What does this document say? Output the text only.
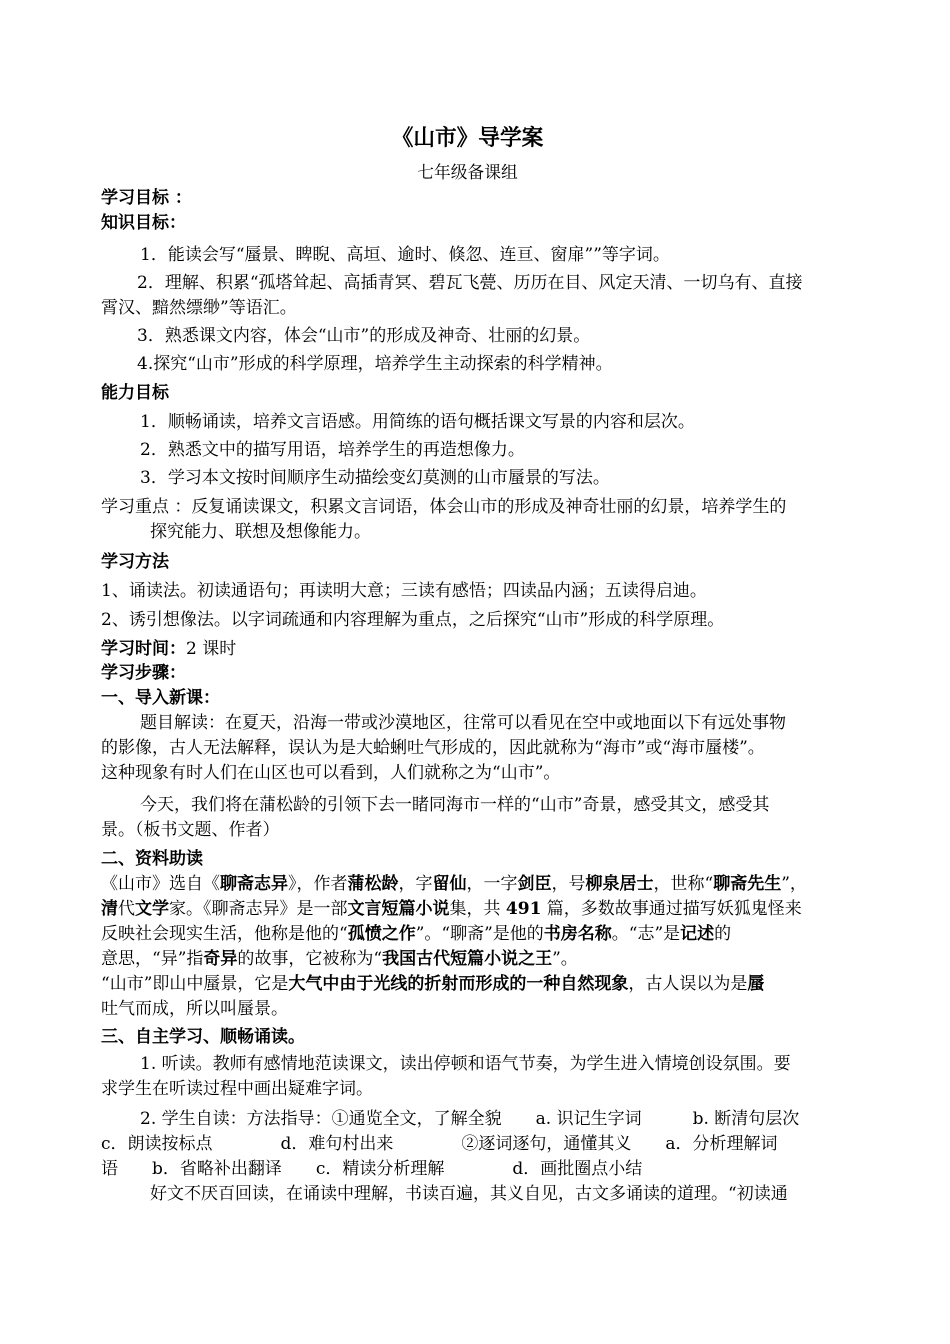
《山市》导学案
七年级备课组
学习目标 ：
知识目标：
1．能读会写“蜃景、睥睨、高垣、逾时、倏忽、连亘、窗扉””等字词。
2．理解、积累“孤塔耸起、高插青冥、碧瓦飞甍、历历在目、风定天清、一切乌有、直接
霄汉、黯然缥缈”等语汇。
3．熟悉课文内容，体会“山市”的形成及神奇、壮丽的幻景。
4.探究“山市”形成的科学原理，培养学生主动探索的科学精神。
能力目标
1．顺畅诵读，培养文言语感。用简练的语句概括课文写景的内容和层次。
2．熟悉文中的描写用语，培养学生的再造想像力。
3．学习本文按时间顺序生动描绘变幻莫测的山市蜃景的写法。
学习重点 ：反复诵读课文，积累文言词语，体会山市的形成及神奇壮丽的幻景，培养学生的
探究能力、联想及想像能力。
学习方法
1、诵读法。初读通语句；再读明大意；三读有感悟；四读品内涵；五读得启迪。
2、诱引想像法。以字词疏通和内容理解为重点，之后探究“山市”形成的科学原理。
学习时间：2 课时
学习步骤：
一、导入新课：
题目解读：在夏天，沿海一带或沙漠地区，往常可以看见在空中或地面以下有远处事物
的影像，古人无法解释，误认为是大蛤蜊吐气形成的，因此就称为“海市”或“海市蜃楼”。
这种现象有时人们在山区也可以看到，人们就称之为“山市”。
今天，我们将在蒲松龄的引领下去一睹同海市一样的“山市”奇景，感受其文，感受其
景。（板书文题、作者）
二、资料助读
《山市》选自《聊斋志异》，作者蒲松龄，字留仙，一字剑臣，号柳泉居士，世称“聊斋先生”，
清代文学家。《聊斋志异》是一部文言短篇小说集，共 491 篇，多数故事通过描写妖狐鬼怪来
反映社会现实生活，他称是他的“孤愤之作”。“聊斋”是他的书房名称。“志”是记述的
意思，“异”指奇异的故事，它被称为“我国古代短篇小说之王”。
“山市”即山中蜃景，它是大气中由于光线的折射而形成的一种自然现象，古人误以为是蜃
吐气而成，所以叫蜃景。
三、自主学习、顺畅诵读。
1. 听读。教师有感情地范读课文，读出停顿和语气节奏，为学生进入情境创设氛围。要
求学生在听读过程中画出疑难字词。
2. 学生自读：方法指导：①通览全文，了解全貌　　a. 识记生字词　　　b. 断清句层次
c．朗读按标点　　　　d．难句村出来　　　　②逐词逐句，通懂其义　　a．分析理解词
语　　b．省略补出翻译　　c．精读分析理解　　　　d．画批圈点小结
好文不厌百回读，在诵读中理解，书读百遍，其义自见，古文多诵读的道理。“初读通
